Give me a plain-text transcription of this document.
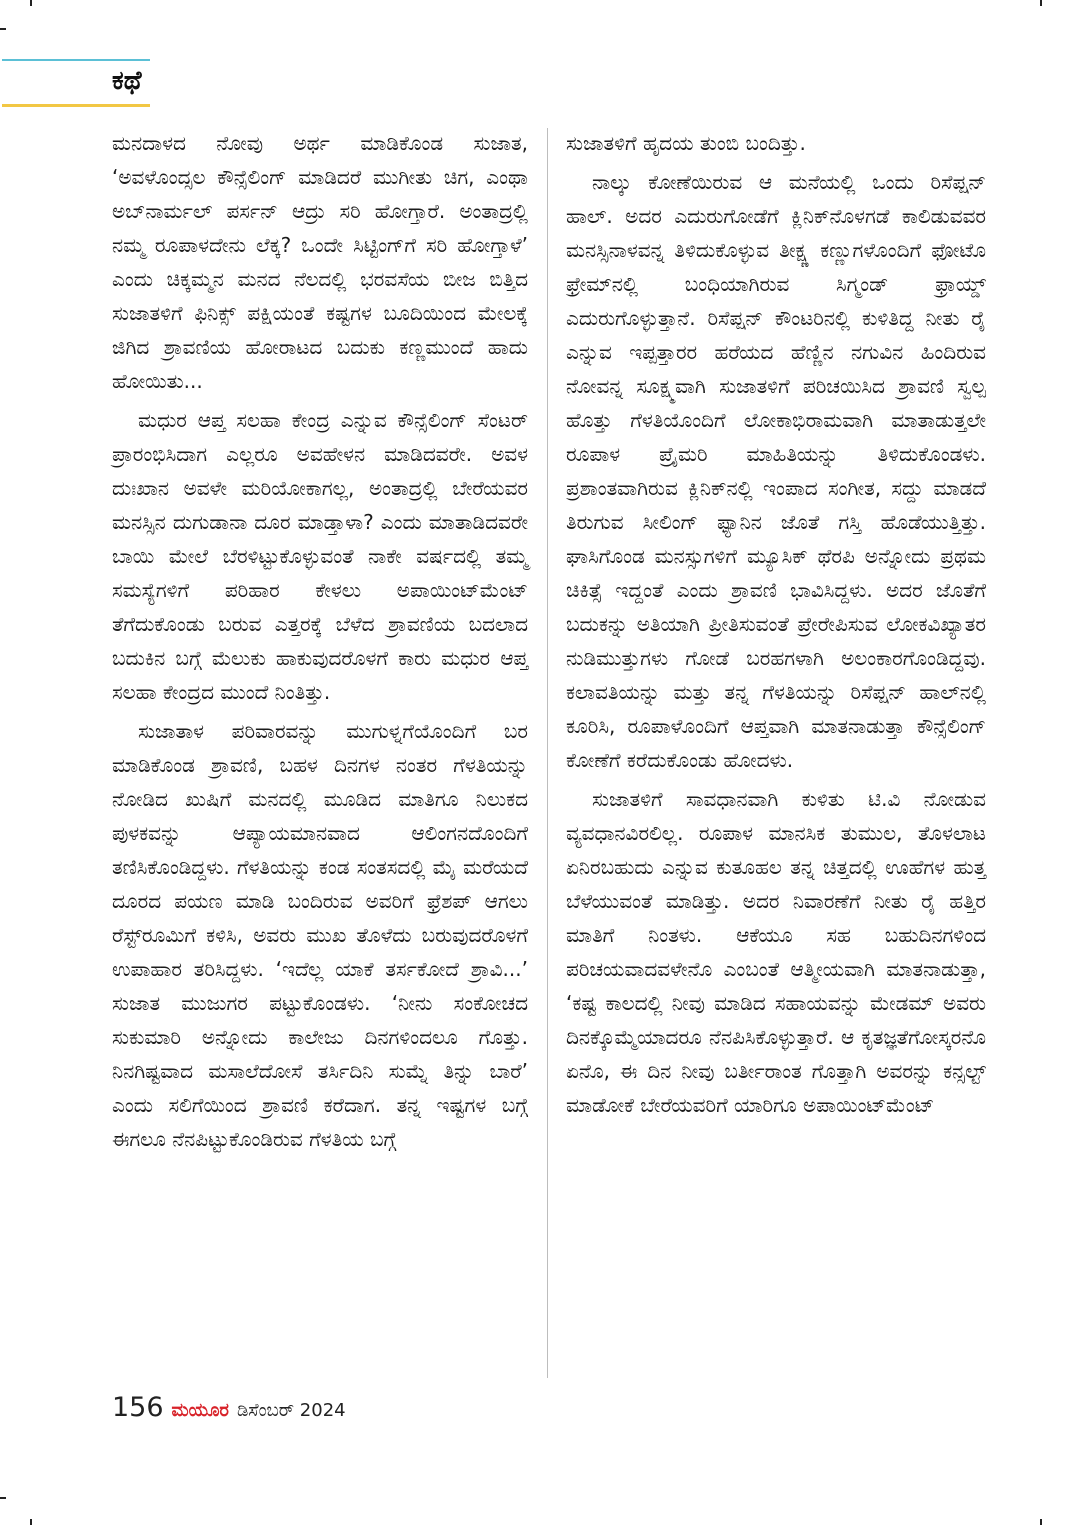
ಕಥೆ

ಮನದಾಳದ ನೋವು ಅರ್ಥ ಮಾಡಿಕೊಂಡ ಸುಜಾತ, ‘ಅವಳೊಂದ್ಸಲ ಕೌನ್ಸೆಲಿಂಗ್ ಮಾಡಿದರೆ ಮುಗೀತು ಚಿಗ, ಎಂಥಾ ಅಬ್‌ನಾರ್ಮಲ್ ಪರ್ಸನ್ ಆದ್ರು ಸರಿ ಹೋಗ್ತಾರೆ. ಅಂತಾದ್ರಲ್ಲಿ ನಮ್ಮ ರೂಪಾಳದೇನು ಲೆಕ್ಕ? ಒಂದೇ ಸಿಟ್ಟಿಂಗ್‌ಗೆ ಸರಿ ಹೋಗ್ತಾಳೆ’ ಎಂದು ಚಿಕ್ಕಮ್ಮನ ಮನದ ನೆಲದಲ್ಲಿ ಭರವಸೆಯ ಬೀಜ ಬಿತ್ತಿದ ಸುಜಾತಳಿಗೆ ಫಿನಿಕ್ಸ್ ಪಕ್ಷಿಯಂತೆ ಕಷ್ಟಗಳ ಬೂದಿಯಿಂದ ಮೇಲಕ್ಕೆ ಜಿಗಿದ ಶ್ರಾವಣಿಯ ಹೋರಾಟದ ಬದುಕು ಕಣ್ಣಮುಂದೆ ಹಾದು ಹೋಯಿತು...

ಮಧುರ ಆಪ್ತ ಸಲಹಾ ಕೇಂದ್ರ ಎನ್ನುವ ಕೌನ್ಸೆಲಿಂಗ್ ಸೆಂಟರ್ ಪ್ರಾರಂಭಿಸಿದಾಗ ಎಲ್ಲರೂ ಅವಹೇಳನ ಮಾಡಿದವರೇ. ಅವಳ ದುಃಖಾನ ಅವಳೇ ಮರಿಯೋಕಾಗಲ್ಲ, ಅಂತಾದ್ರಲ್ಲಿ ಬೇರೆಯವರ ಮನಸ್ಸಿನ ದುಗುಡಾನಾ ದೂರ ಮಾಡ್ತಾಳಾ? ಎಂದು ಮಾತಾಡಿದವರೇ ಬಾಯಿ ಮೇಲೆ ಬೆರಳಿಟ್ಟುಕೊಳ್ಳುವಂತೆ ನಾಕೇ ವರ್ಷದಲ್ಲಿ ತಮ್ಮ ಸಮಸ್ಯೆಗಳಿಗೆ ಪರಿಹಾರ ಕೇಳಲು ಅಪಾಯಿಂಟ್‌ಮೆಂಟ್ ತೆಗೆದುಕೊಂಡು ಬರುವ ಎತ್ತರಕ್ಕೆ ಬೆಳೆದ ಶ್ರಾವಣಿಯ ಬದಲಾದ ಬದುಕಿನ ಬಗ್ಗೆ ಮೆಲುಕು ಹಾಕುವುದರೊಳಗೆ ಕಾರು ಮಧುರ ಆಪ್ತ ಸಲಹಾ ಕೇಂದ್ರದ ಮುಂದೆ ನಿಂತಿತ್ತು.

ಸುಜಾತಾಳ ಪರಿವಾರವನ್ನು ಮುಗುಳ್ನಗೆಯೊಂದಿಗೆ ಬರ ಮಾಡಿಕೊಂಡ ಶ್ರಾವಣಿ, ಬಹಳ ದಿನಗಳ ನಂತರ ಗೆಳತಿಯನ್ನು ನೋಡಿದ ಖುಷಿಗೆ ಮನದಲ್ಲಿ ಮೂಡಿದ ಮಾತಿಗೂ ನಿಲುಕದ ಪುಳಕವನ್ನು ಆಪ್ಯಾಯಮಾನವಾದ ಆಲಿಂಗನದೊಂದಿಗೆ ತಣಿಸಿಕೊಂಡಿದ್ದಳು. ಗೆಳತಿಯನ್ನು ಕಂಡ ಸಂತಸದಲ್ಲಿ ಮೈ ಮರೆಯದೆ ದೂರದ ಪಯಣ ಮಾಡಿ ಬಂದಿರುವ ಅವರಿಗೆ ಫ್ರೆಶಪ್ ಆಗಲು ರೆಸ್ಟ್‌ರೂಮಿಗೆ ಕಳಿಸಿ, ಅವರು ಮುಖ ತೊಳೆದು ಬರುವುದರೊಳಗೆ ಉಪಾಹಾರ ತರಿಸಿದ್ದಳು. ‘ಇದೆಲ್ಲ ಯಾಕೆ ತರ್ಸಕೋದೆ ಶ್ರಾವಿ...’ ಸುಜಾತ ಮುಜುಗರ ಪಟ್ಟುಕೊಂಡಳು. ‘ನೀನು ಸಂಕೋಚದ ಸುಕುಮಾರಿ ಅನ್ನೋದು ಕಾಲೇಜು ದಿನಗಳಿಂದಲೂ ಗೊತ್ತು. ನಿನಗಿಷ್ಟವಾದ ಮಸಾಲೆದೋಸೆ ತರ್ಸಿದಿನಿ ಸುಮ್ನೆ ತಿನ್ನು ಬಾರೆ’ ಎಂದು ಸಲಿಗೆಯಿಂದ ಶ್ರಾವಣಿ ಕರೆದಾಗ. ತನ್ನ ಇಷ್ಟಗಳ ಬಗ್ಗೆ ಈಗಲೂ ನೆನಪಿಟ್ಟುಕೊಂಡಿರುವ ಗೆಳತಿಯ ಬಗ್ಗೆ

ಸುಜಾತಳಿಗೆ ಹೃದಯ ತುಂಬಿ ಬಂದಿತ್ತು.

ನಾಲ್ಕು ಕೋಣೆಯಿರುವ ಆ ಮನೆಯಲ್ಲಿ ಒಂದು ರಿಸೆಪ್ಷನ್ ಹಾಲ್. ಅದರ ಎದುರುಗೋಡೆಗೆ ಕ್ಲಿನಿಕ್‌ನೊಳಗಡೆ ಕಾಲಿಡುವವರ ಮನಸ್ಸಿನಾಳವನ್ನ ತಿಳಿದುಕೊಳ್ಳುವ ತೀಕ್ಷ್ಣ ಕಣ್ಣುಗಳೊಂದಿಗೆ ಫೋಟೊ ಫ್ರೇಮ್‌ನಲ್ಲಿ ಬಂಧಿಯಾಗಿರುವ ಸಿಗ್ಮಂಡ್ ಫ್ರಾಯ್ಡ್ ಎದುರುಗೊಳ್ಳುತ್ತಾನೆ. ರಿಸೆಪ್ಷನ್ ಕೌಂಟರಿನಲ್ಲಿ ಕುಳಿತಿದ್ದ ನೀತು ರೈ ಎನ್ನುವ ಇಪ್ಪತ್ತಾರರ ಹರೆಯದ ಹೆಣ್ಣಿನ ನಗುವಿನ ಹಿಂದಿರುವ ನೋವನ್ನ ಸೂಕ್ಷ್ಮವಾಗಿ ಸುಜಾತಳಿಗೆ ಪರಿಚಯಿಸಿದ ಶ್ರಾವಣಿ ಸ್ವಲ್ಪ ಹೊತ್ತು ಗೆಳತಿಯೊಂದಿಗೆ ಲೋಕಾಭಿರಾಮವಾಗಿ ಮಾತಾಡುತ್ತಲೇ ರೂಪಾಳ ಪ್ರೈಮರಿ ಮಾಹಿತಿಯನ್ನು ತಿಳಿದುಕೊಂಡಳು. ಪ್ರಶಾಂತವಾಗಿರುವ ಕ್ಲಿನಿಕ್‌ನಲ್ಲಿ ಇಂಪಾದ ಸಂಗೀತ, ಸದ್ದು ಮಾಡದೆ ತಿರುಗುವ ಸೀಲಿಂಗ್ ಫ್ಯಾನಿನ ಜೊತೆ ಗಸ್ತಿ ಹೊಡೆಯುತ್ತಿತ್ತು. ಘಾಸಿಗೊಂಡ ಮನಸ್ಸುಗಳಿಗೆ ಮ್ಯೂಸಿಕ್ ಥೆರಪಿ ಅನ್ನೋದು ಪ್ರಥಮ ಚಿಕಿತ್ಸೆ ಇದ್ದಂತೆ ಎಂದು ಶ್ರಾವಣಿ ಭಾವಿಸಿದ್ದಳು. ಅದರ ಜೊತೆಗೆ ಬದುಕನ್ನು ಅತಿಯಾಗಿ ಪ್ರೀತಿಸುವಂತೆ ಪ್ರೇರೇಪಿಸುವ ಲೋಕವಿಖ್ಯಾತರ ನುಡಿಮುತ್ತುಗಳು ಗೋಡೆ ಬರಹಗಳಾಗಿ ಅಲಂಕಾರಗೊಂಡಿದ್ದವು. ಕಲಾವತಿಯನ್ನು ಮತ್ತು ತನ್ನ ಗೆಳತಿಯನ್ನು ರಿಸೆಪ್ಷನ್ ಹಾಲ್‌ನಲ್ಲಿ ಕೂರಿಸಿ, ರೂಪಾಳೊಂದಿಗೆ ಆಪ್ತವಾಗಿ ಮಾತನಾಡುತ್ತಾ ಕೌನ್ಸೆಲಿಂಗ್ ಕೋಣೆಗೆ ಕರೆದುಕೊಂಡು ಹೋದಳು.

ಸುಜಾತಳಿಗೆ ಸಾವಧಾನವಾಗಿ ಕುಳಿತು ಟಿ.ವಿ ನೋಡುವ ವ್ಯವಧಾನವಿರಲಿಲ್ಲ. ರೂಪಾಳ ಮಾನಸಿಕ ತುಮುಲ, ತೊಳಲಾಟ ಏನಿರಬಹುದು ಎನ್ನುವ ಕುತೂಹಲ ತನ್ನ ಚಿತ್ತದಲ್ಲಿ ಊಹೆಗಳ ಹುತ್ತ ಬೆಳೆಯುವಂತೆ ಮಾಡಿತ್ತು. ಅದರ ನಿವಾರಣೆಗೆ ನೀತು ರೈ ಹತ್ತಿರ ಮಾತಿಗೆ ನಿಂತಳು. ಆಕೆಯೂ ಸಹ ಬಹುದಿನಗಳಿಂದ ಪರಿಚಯವಾದವಳೇನೊ ಎಂಬಂತೆ ಆತ್ಮೀಯವಾಗಿ ಮಾತನಾಡುತ್ತಾ, ‘ಕಷ್ಟ ಕಾಲದಲ್ಲಿ ನೀವು ಮಾಡಿದ ಸಹಾಯವನ್ನು ಮೇಡಮ್ ಅವರು ದಿನಕ್ಕೊಮ್ಮೆಯಾದರೂ ನೆನಪಿಸಿಕೊಳ್ಳುತ್ತಾರೆ. ಆ ಕೃತಜ್ಞತೆಗೋಸ್ಕರನೊ ಏನೊ, ಈ ದಿನ ನೀವು ಬರ್ತೀರಾಂತ ಗೊತ್ತಾಗಿ ಅವರನ್ನು ಕನ್ಸಲ್ಟ್ ಮಾಡೋಕೆ ಬೇರೆಯವರಿಗೆ ಯಾರಿಗೂ ಅಪಾಯಿಂಟ್‌ಮೆಂಟ್

156 ಮಯೂರ ಡಿಸೆಂಬರ್ 2024
